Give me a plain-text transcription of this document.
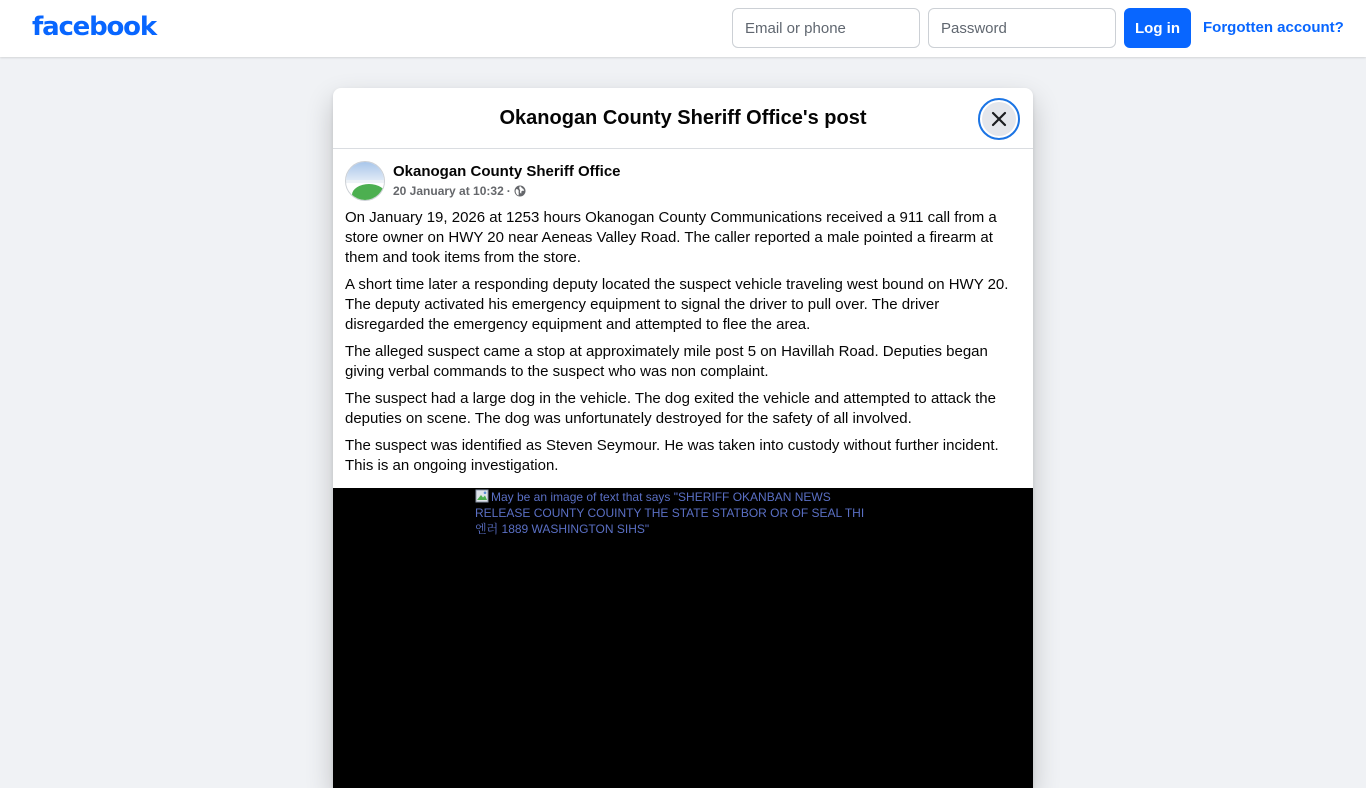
facebook
Email or phone	Log in	Forgotten account?
Okanogan County Sheriff Office's post
Okanogan County Sheriff Office
20 January at 10:32 ·

On January 19, 2026 at 1253 hours Okanogan County Communications received a 911 call from a store owner on HWY 20 near Aeneas Valley Road. The caller reported a male pointed a firearm at them and took items from the store.

A short time later a responding deputy located the suspect vehicle traveling west bound on HWY 20. The deputy activated his emergency equipment to signal the driver to pull over. The driver disregarded the emergency equipment and attempted to flee the area.

The alleged suspect came a stop at approximately mile post 5 on Havillah Road. Deputies began giving verbal commands to the suspect who was non complaint.

The suspect had a large dog in the vehicle. The dog exited the vehicle and attempted to attack the deputies on scene. The dog was unfortunately destroyed for the safety of all involved.

The suspect was identified as Steven Seymour. He was taken into custody without further incident. This is an ongoing investigation.

May be an image of text that says "SHERIFF OKANBAN NEWS RELEASE COUNTY COUINTY THE STATE STATBOR OR OF SEAL THI 엔러 1889 WASHINGTON SIHS"
